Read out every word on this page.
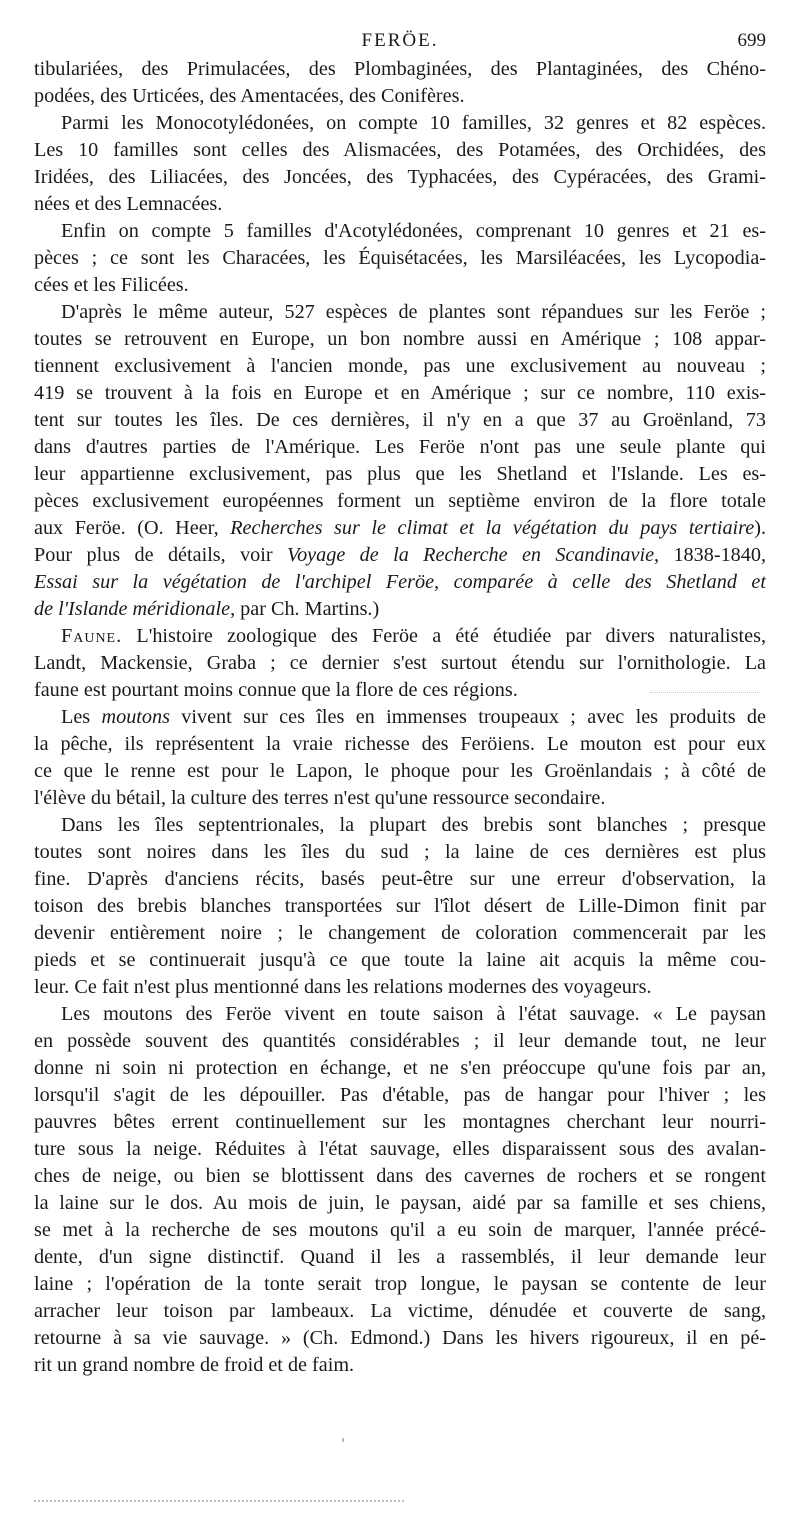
FERÖE.	699

tibulariées, des Primulacées, des Plombaginées, des Plantaginées, des Chéno-
podées, des Urticées, des Amentacées, des Conifères.

Parmi les Monocotylédonées, on compte 10 familles, 32 genres et 82 espèces.
Les 10 familles sont celles des Alismacées, des Potamées, des Orchidées, des
Iridées, des Liliacées, des Joncées, des Typhacées, des Cypéracées, des Grami-
nées et des Lemnacées.

Enfin on compte 5 familles d'Acotylédonées, comprenant 10 genres et 21 es-
pèces ; ce sont les Characées, les Équisétacées, les Marsiléacées, les Lycopodia-
cées et les Filicées.

D'après le même auteur, 527 espèces de plantes sont répandues sur les Feröe ;
toutes se retrouvent en Europe, un bon nombre aussi en Amérique ; 108 appar-
tiennent exclusivement à l'ancien monde, pas une exclusivement au nouveau ;
419 se trouvent à la fois en Europe et en Amérique ; sur ce nombre, 110 exis-
tent sur toutes les îles. De ces dernières, il n'y en a que 37 au Groënland, 73
dans d'autres parties de l'Amérique. Les Feröe n'ont pas une seule plante qui
leur appartienne exclusivement, pas plus que les Shetland et l'Islande. Les es-
pèces exclusivement européennes forment un septième environ de la flore totale
aux Feröe. (O. Heer, Recherches sur le climat et la végétation du pays tertiaire).
Pour plus de détails, voir Voyage de la Recherche en Scandinavie, 1838-1840,
Essai sur la végétation de l'archipel Feröe, comparée à celle des Shetland et
de l'Islande méridionale, par Ch. Martins.)

Faune. L'histoire zoologique des Feröe a été étudiée par divers naturalistes,
Landt, Mackensie, Graba ; ce dernier s'est surtout étendu sur l'ornithologie. La
faune est pourtant moins connue que la flore de ces régions.

Les moutons vivent sur ces îles en immenses troupeaux ; avec les produits de
la pêche, ils représentent la vraie richesse des Feröiens. Le mouton est pour eux
ce que le renne est pour le Lapon, le phoque pour les Groënlandais ; à côté de
l'élève du bétail, la culture des terres n'est qu'une ressource secondaire.

Dans les îles septentrionales, la plupart des brebis sont blanches ; presque
toutes sont noires dans les îles du sud ; la laine de ces dernières est plus
fine. D'après d'anciens récits, basés peut-être sur une erreur d'observation, la
toison des brebis blanches transportées sur l'îlot désert de Lille-Dimon finit par
devenir entièrement noire ; le changement de coloration commencerait par les
pieds et se continuerait jusqu'à ce que toute la laine ait acquis la même cou-
leur. Ce fait n'est plus mentionné dans les relations modernes des voyageurs.

Les moutons des Feröe vivent en toute saison à l'état sauvage. « Le paysan
en possède souvent des quantités considérables ; il leur demande tout, ne leur
donne ni soin ni protection en échange, et ne s'en préoccupe qu'une fois par an,
lorsqu'il s'agit de les dépouiller. Pas d'étable, pas de hangar pour l'hiver ; les
pauvres bêtes errent continuellement sur les montagnes cherchant leur nourri-
ture sous la neige. Réduites à l'état sauvage, elles disparaissent sous des avalan-
ches de neige, ou bien se blottissent dans des cavernes de rochers et se rongent
la laine sur le dos. Au mois de juin, le paysan, aidé par sa famille et ses chiens,
se met à la recherche de ses moutons qu'il a eu soin de marquer, l'année précé-
dente, d'un signe distinctif. Quand il les a rassemblés, il leur demande leur
laine ; l'opération de la tonte serait trop longue, le paysan se contente de leur
arracher leur toison par lambeaux. La victime, dénudée et couverte de sang,
retourne à sa vie sauvage. » (Ch. Edmond.) Dans les hivers rigoureux, il en pé-
rit un grand nombre de froid et de faim.
